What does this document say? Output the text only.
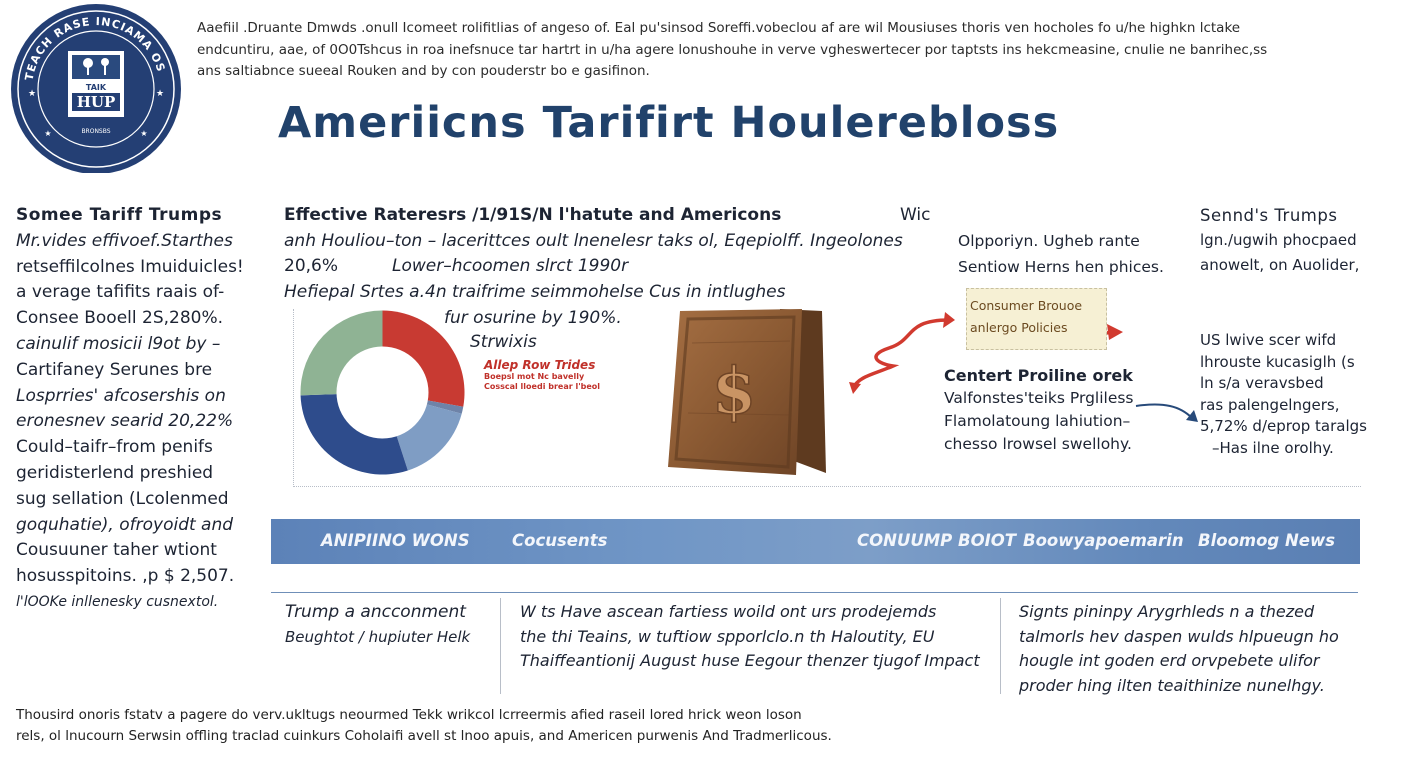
TEACH RASE INCIAMA OS
★	★
★	★
TAIK
HUP
BRONSBS
Aaefiil .Druante Dmwds .onull Icomeet rolifitlias of angeso of. Eal pu'sinsod Soreffi.vobeclou af are wil Mousiuses thoris ven hocholes fo u/he highkn lctake
endcuntiru, aae, of 0O0Tshcus in roa inefsnuce tar hartrt in u/ha agere lonushouhe in verve vgheswertecer por taptsts ins hekcmeasine, cnulie ne banrihec,ss
ans saltiabnce sueeal Rouken and by con pouderstr bo e gasifinon.
Ameriicns Tarifirt Houlerebloss
Somee Tariff Trumps
Mr.vides effivoef.Starthes
retseffilcolnes Imuiduicles!
a verage tafifits raais of-
Consee Booell 2S,280%.
cainulif mosicii l9ot by –
Cartifaney Serunes bre
Losprries' afcosershis on
eronesnev searid 20,22%
Could–taifr–from penifs
geridisterlend preshied
sug sellation (Lcolenmed
goquhatie), ofroyoidt and
Cousuuner taher wtiont
hosusspitoins. ,p $ 2,507.
l'lOOKe inllenesky cusnextol.
Effective Rateresrs /1/91S/N l'hatute and Americons	Wic
anh Houliou–ton – lacerittces oult lnenelesr taks ol, Eqepiolff. Ingeolones
20,6%	Lower–hcoomen slrct 1990r
Hefiepal Srtes a.4n traifrime seimmohelse Cus in intlughes
fur osurine by 190%.
Strwixis
Allep Row Trides
Boepsl mot Nc bavelly
Cosscal lloedi brear l'beol $
Consumer Brouoe
anlergo Policies
Olpporiyn. Ugheb rante
Sentiow Herns hen phices.
Sennd's Trumps
lgn./ugwih phocpaed
anowelt, on Auolider,
Centert Proiline orek
Valfonstes'teiks Prgliless
Flamolatoung lahiution–
chesso lrowsel swellohy.
US lwive scer wifd
lhrouste kucasiglh (s
ln s/a veravsbed
ras palengelngers,
5,72% d/eprop taralgs
–Has ilne orolhy.
ANIPIINO WONS	Cocusents	CONUUMP BOIOT Boowyapoemarin Bloomog News
Trump a ancconment
Beughtot / hupiuter Helk
W ts Have ascean fartiess woild ont urs prodejemds
the thi Teains, w tuftiow spporlclo.n th Haloutity, EU
Thaiffeantionij August huse Eegour thenzer tjugof Impact
Signts pininpy Arygrhleds n a thezed
talmorls hev daspen wulds hlpueugn ho
hougle int goden erd orvpebete ulifor
proder hing ilten teaithinize nunelhgy.
Thousird onoris fstatv a pagere do verv.ukltugs neourmed Tekk wrikcol lcrreermis afied raseil lored hrick weon loson
rels, ol lnucourn Serwsin offling traclad cuinkurs Coholaifi avell st lnoo apuis, and Americen purwenis And Tradmerlicous.
